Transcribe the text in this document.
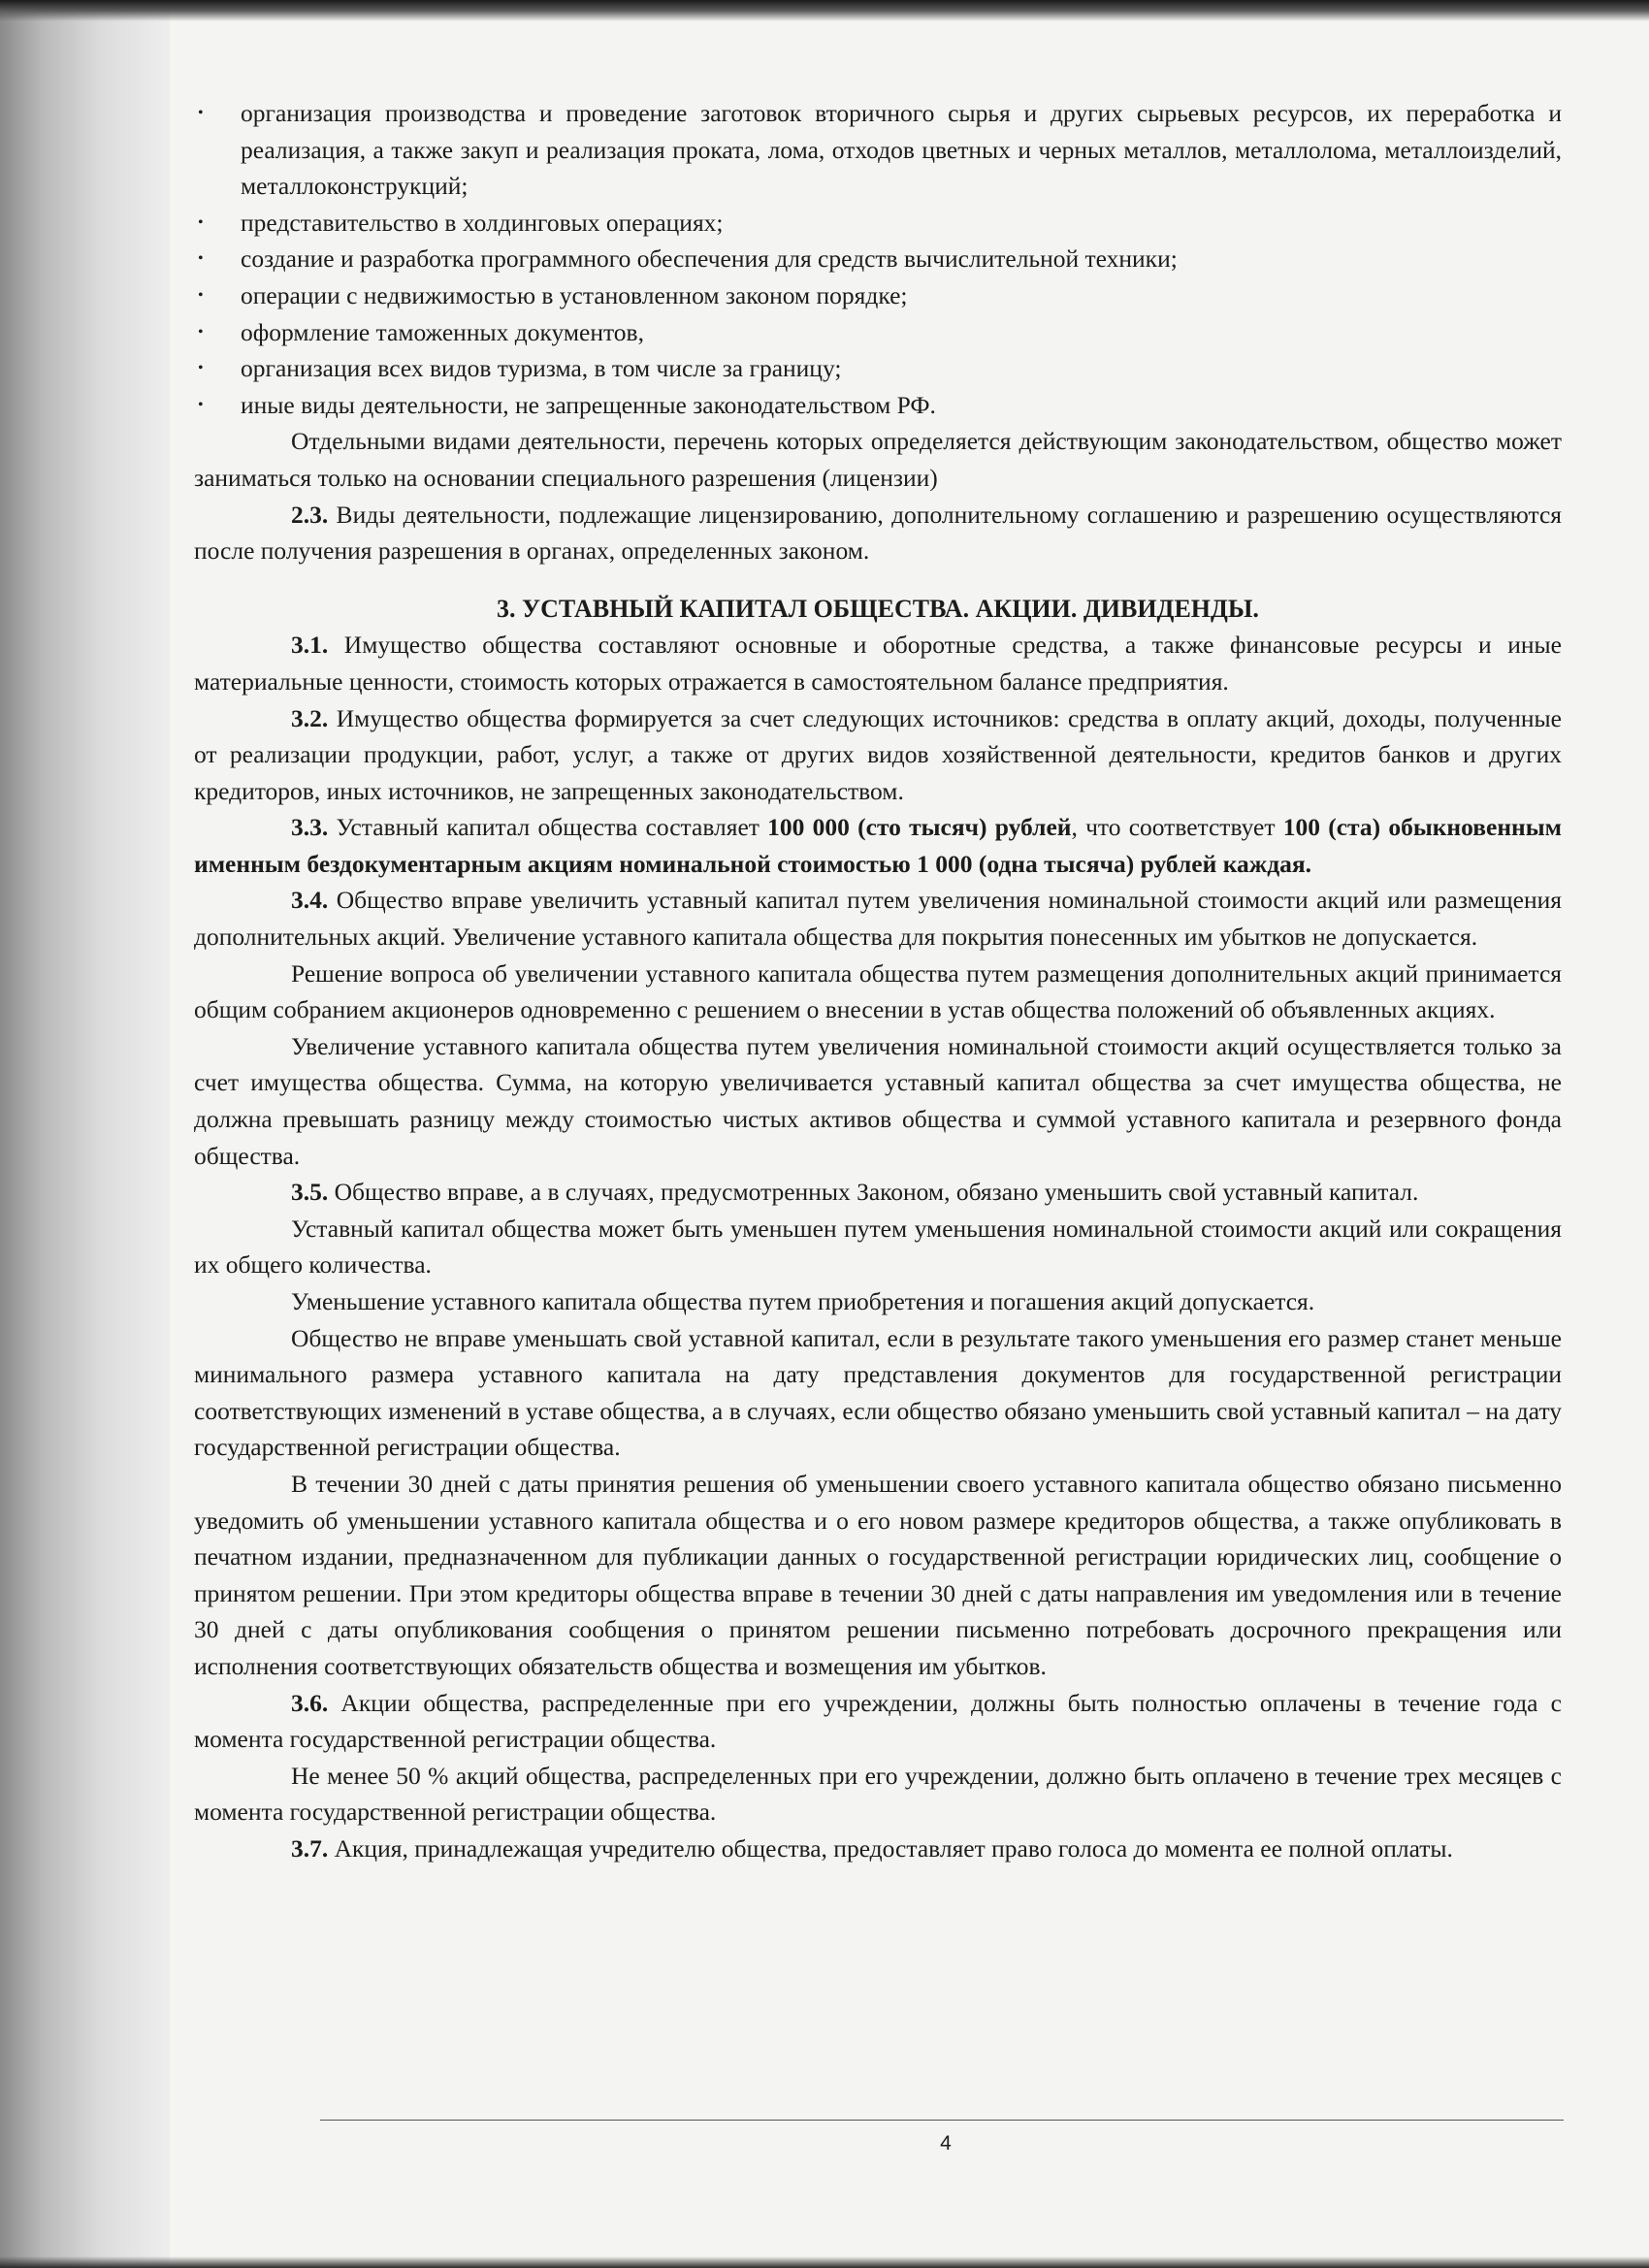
• организация производства и проведение заготовок вторичного сырья и других сырьевых ресурсов, их переработка и реализация, а также закуп и реализация проката, лома, отходов цветных и черных металлов, металлолома, металлоизделий, металлоконструкций;
• представительство в холдинговых операциях;
• создание и разработка программного обеспечения для средств вычислительной техники;
• операции с недвижимостью в установленном законом порядке;
• оформление таможенных документов,
• организация всех видов туризма, в том числе за границу;
• иные виды деятельности, не запрещенные законодательством РФ.

Отдельными видами деятельности, перечень которых определяется действующим законодательством, общество может заниматься только на основании специального разрешения (лицензии)

2.3. Виды деятельности, подлежащие лицензированию, дополнительному соглашению и разрешению осуществляются после получения разрешения в органах, определенных законом.

3. УСТАВНЫЙ КАПИТАЛ ОБЩЕСТВА. АКЦИИ. ДИВИДЕНДЫ.

3.1. Имущество общества составляют основные и оборотные средства, а также финансовые ресурсы и иные материальные ценности, стоимость которых отражается в самостоятельном балансе предприятия.

3.2. Имущество общества формируется за счет следующих источников: средства в оплату акций, доходы, полученные от реализации продукции, работ, услуг, а также от других видов хозяйственной деятельности, кредитов банков и других кредиторов, иных источников, не запрещенных законодательством.

3.3. Уставный капитал общества составляет 100 000 (сто тысяч) рублей, что соответствует 100 (ста) обыкновенным именным бездокументарным акциям номинальной стоимостью 1 000 (одна тысяча) рублей каждая.

3.4. Общество вправе увеличить уставный капитал путем увеличения номинальной стоимости акций или размещения дополнительных акций. Увеличение уставного капитала общества для покрытия понесенных им убытков не допускается.

Решение вопроса об увеличении уставного капитала общества путем размещения дополнительных акций принимается общим собранием акционеров одновременно с решением о внесении в устав общества положений об объявленных акциях.

Увеличение уставного капитала общества путем увеличения номинальной стоимости акций осуществляется только за счет имущества общества. Сумма, на которую увеличивается уставный капитал общества за счет имущества общества, не должна превышать разницу между стоимостью чистых активов общества и суммой уставного капитала и резервного фонда общества.

3.5. Общество вправе, а в случаях, предусмотренных Законом, обязано уменьшить свой уставный капитал.

Уставный капитал общества может быть уменьшен путем уменьшения номинальной стоимости акций или сокращения их общего количества.

Уменьшение уставного капитала общества путем приобретения и погашения акций допускается.

Общество не вправе уменьшать свой уставной капитал, если в результате такого уменьшения его размер станет меньше минимального размера уставного капитала на дату представления документов для государственной регистрации соответствующих изменений в уставе общества, а в случаях, если общество обязано уменьшить свой уставный капитал – на дату государственной регистрации общества.

В течении 30 дней с даты принятия решения об уменьшении своего уставного капитала общество обязано письменно уведомить об уменьшении уставного капитала общества и о его новом размере кредиторов общества, а также опубликовать в печатном издании, предназначенном для публикации данных о государственной регистрации юридических лиц, сообщение о принятом решении. При этом кредиторы общества вправе в течении 30 дней с даты направления им уведомления или в течение 30 дней с даты опубликования сообщения о принятом решении письменно потребовать досрочного прекращения или исполнения соответствующих обязательств общества и возмещения им убытков.

3.6. Акции общества, распределенные при его учреждении, должны быть полностью оплачены в течение года с момента государственной регистрации общества.

Не менее 50 % акций общества, распределенных при его учреждении, должно быть оплачено в течение трех месяцев с момента государственной регистрации общества.

3.7. Акция, принадлежащая учредителю общества, предоставляет право голоса до момента ее полной оплаты.

4
